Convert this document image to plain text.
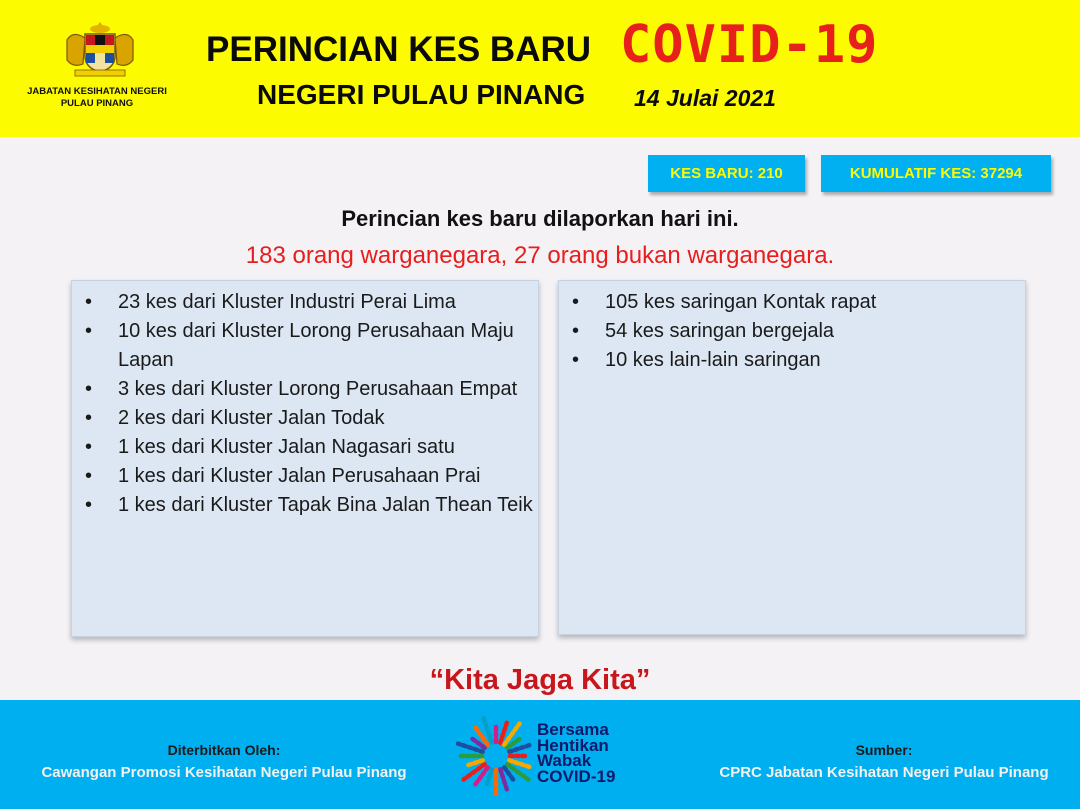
JABATAN KESIHATAN NEGERI
PULAU PINANG
PERINCIAN KES BARU COVID-19
NEGERI PULAU PINANG 14 Julai 2021
KES BARU: 210	KUMULATIF KES: 37294
Perincian kes baru dilaporkan hari ini.
183 orang warganegara, 27 orang bukan warganegara.
• 23 kes dari Kluster Industri Perai Lima
• 10 kes dari Kluster Lorong Perusahaan Maju Lapan
• 3 kes dari Kluster Lorong Perusahaan Empat
• 2 kes dari Kluster Jalan Todak
• 1 kes dari Kluster Jalan Nagasari satu
• 1 kes dari Kluster Jalan Perusahaan Prai
• 1 kes dari Kluster Tapak Bina Jalan Thean Teik
• 105 kes saringan Kontak rapat
• 54 kes saringan bergejala
• 10 kes lain-lain saringan
“Kita Jaga Kita”
Diterbitkan Oleh:
Cawangan Promosi Kesihatan Negeri Pulau Pinang
Bersama
Hentikan
Wabak
COVID-19
Sumber:
CPRC Jabatan Kesihatan Negeri Pulau Pinang
